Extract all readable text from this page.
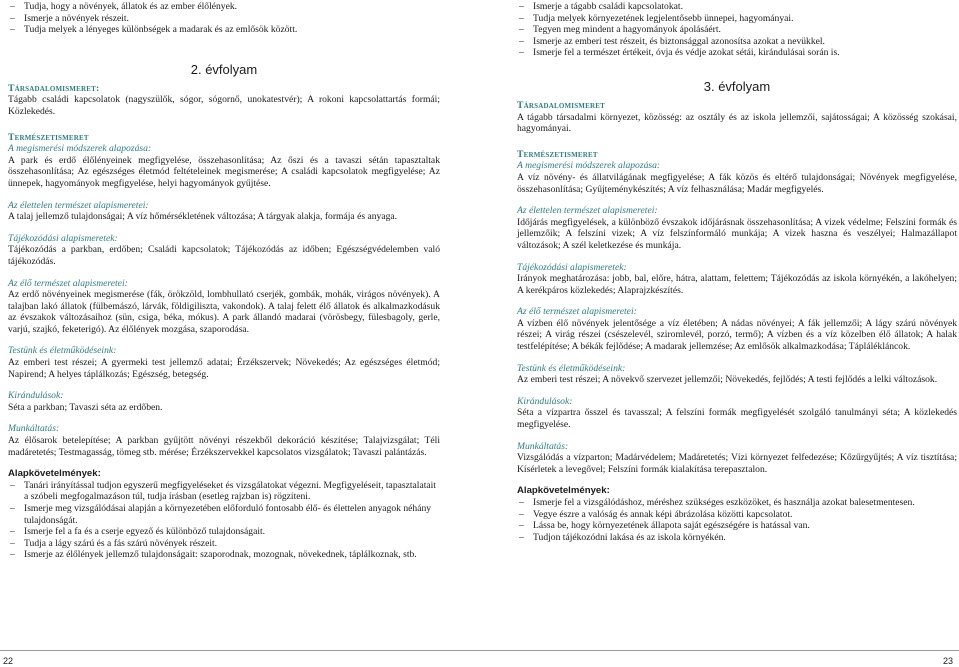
– Tudja, hogy a növények, állatok és az ember élőlények.

– Ismerje a növények részeit.

– Tudja melyek a lényeges különbségek a madarak és az emlősök között.

2. évfolyam

Társadalomismeret:

Tágabb családi kapcsolatok (nagyszülők, sógor, sógornő, unokatestvér); A rokoni kapcsolattartás formái; Közlekedés.

Természetismeret

A megismerési módszerek alapozása:

A park és erdő élőlényeinek megfigyelése, összehasonlítása; Az őszi és a tavaszi sétán tapasztaltak összehasonlítása; Az egészséges életmód feltételeinek megismerése; A családi kapcsolatok megfigyelése; Az ünnepek, hagyományok megfigyelése, helyi hagyományok gyűjtése.

Az élettelen természet alapismeretei:

A talaj jellemző tulajdonságai; A víz hőmérsékletének változása; A tárgyak alakja, formája és anyaga.

Tájékozódási alapismeretek:

Tájékozódás a parkban, erdőben; Családi kapcsolatok; Tájékozódás az időben; Egészségvédelemben való tájékozódás.

Az élő természet alapismeretei:

Az erdő növényeinek megismerése (fák, örökzöld, lombhullató cserjék, gombák, mohák, virágos növények). A talajban lakó állatok (fülbemászó, lárvák, földigiliszta, vakondok). A talaj felett élő állatok és alkalmazkodásuk az évszakok változásaihoz (sün, csiga, béka, mókus). A park állandó madarai (vörösbegy, fülesbagoly, gerle, varjú, szajkó, feketerigó). Az élőlények mozgása, szaporodása.

Testünk és életműködéseink:

Az emberi test részei; A gyermeki test jellemző adatai; Érzékszervek; Növekedés; Az egészséges életmód; Napirend; A helyes táplálkozás; Egészség, betegség.

Kirándulások:

Séta a parkban; Tavaszi séta az erdőben.

Munkáltatás:

Az élősarok betelepítése; A parkban gyűjtött növényi részekből dekoráció készítése; Talajvizsgálat; Téli madáretetés; Testmagasság, tömeg stb. mérése; Érzékszervekkel kapcsolatos vizsgálatok; Tavaszi palántázás.

Alapkövetelmények:

– Tanári irányítással tudjon egyszerű megfigyeléseket és vizsgálatokat végezni. Megfigyeléseit, tapasztalatait a szóbeli megfogalmazáson túl, tudja írásban (esetleg rajzban is) rögzíteni.

– Ismerje meg vizsgálódásai alapján a környezetében előforduló fontosabb élő- és élettelen anyagok néhány tulajdonságát.

– Ismerje fel a fa és a cserje egyező és különböző tulajdonságait.

– Tudja a lágy szárú és a fás szárú növények részeit.

– Ismerje az élőlények jellemző tulajdonságait: szaporodnak, mozognak, növekednek, táplálkoznak, stb.

– Ismerje a tágabb családi kapcsolatokat.

– Tudja melyek környezetének legjelentősebb ünnepei, hagyományai.

– Tegyen meg mindent a hagyományok ápolásáért.

– Ismerje az emberi test részeit, és biztonsággal azonosítsa azokat a nevükkel.

– Ismerje fel a természet értékeit, óvja és védje azokat sétái, kirándulásai során is.

3. évfolyam

Társadalomismeret

A tágabb társadalmi környezet, közösség: az osztály és az iskola jellemzői, sajátosságai; A közösség szokásai, hagyományai.

Természetismeret

A megismerési módszerek alapozása:

A víz növény- és állatvilágának megfigyelése; A fák közös és eltérő tulajdonságai; Növények megfigyelése, összehasonlítása; Gyűjteménykészítés; A víz felhasználása; Madár megfigyelés.

Az élettelen természet alapismeretei:

Időjárás megfigyelések, a különböző évszakok időjárásnak összehasonlítása; A vizek védelme; Felszíni formák és jellemzőik; A felszíni vizek; A víz felszínformáló munkája; A vizek haszna és veszélyei; Halmazállapot változások; A szél keletkezése és munkája.

Tájékozódási alapismeretek:

Irányok meghatározása: jobb, bal, előre, hátra, alattam, felettem; Tájékozódás az iskola környékén, a lakóhelyen; A kerékpáros közlekedés; Alaprajzkészítés.

Az élő természet alapismeretei:

A vízben élő növények jelentősége a víz életében; A nádas növényei; A fák jellemzői; A lágy szárú növények részei; A virág részei (csészelevél, sziromlevél, porzó, termő); A vízben és a víz közelben élő állatok; A halak testfelépítése; A békák fejlődése; A madarak jellemzése; Az emlősök alkalmazkodása; Táplálékláncok.

Testünk és életműködéseink:

Az emberi test részei; A növekvő szervezet jellemzői; Növekedés, fejlődés; A testi fejlődés a lelki változások.

Kirándulások:

Séta a vízpartra ősszel és tavasszal; A felszíni formák megfigyelését szolgáló tanulmányi séta; A közlekedés megfigyelése.

Munkáltatás:

Vizsgálódás a vízparton; Madárvédelem; Madáretetés; Vízi környezet felfedezése; Kőzűrgyűjtés; A víz tisztítása; Kísérletek a levegővel; Felszíni formák kialakítása terepasztalon.

Alapkövetelmények:

– Ismerje fel a vizsgálódáshoz, méréshez szükséges eszközöket, és használja azokat balesetmentesen.

– Vegye észre a valóság és annak képi ábrázolása közötti kapcsolatot.

– Lássa be, hogy környezetének állapota saját egészségére is hatással van.

– Tudjon tájékozódni lakása és az iskola környékén.

22	23
